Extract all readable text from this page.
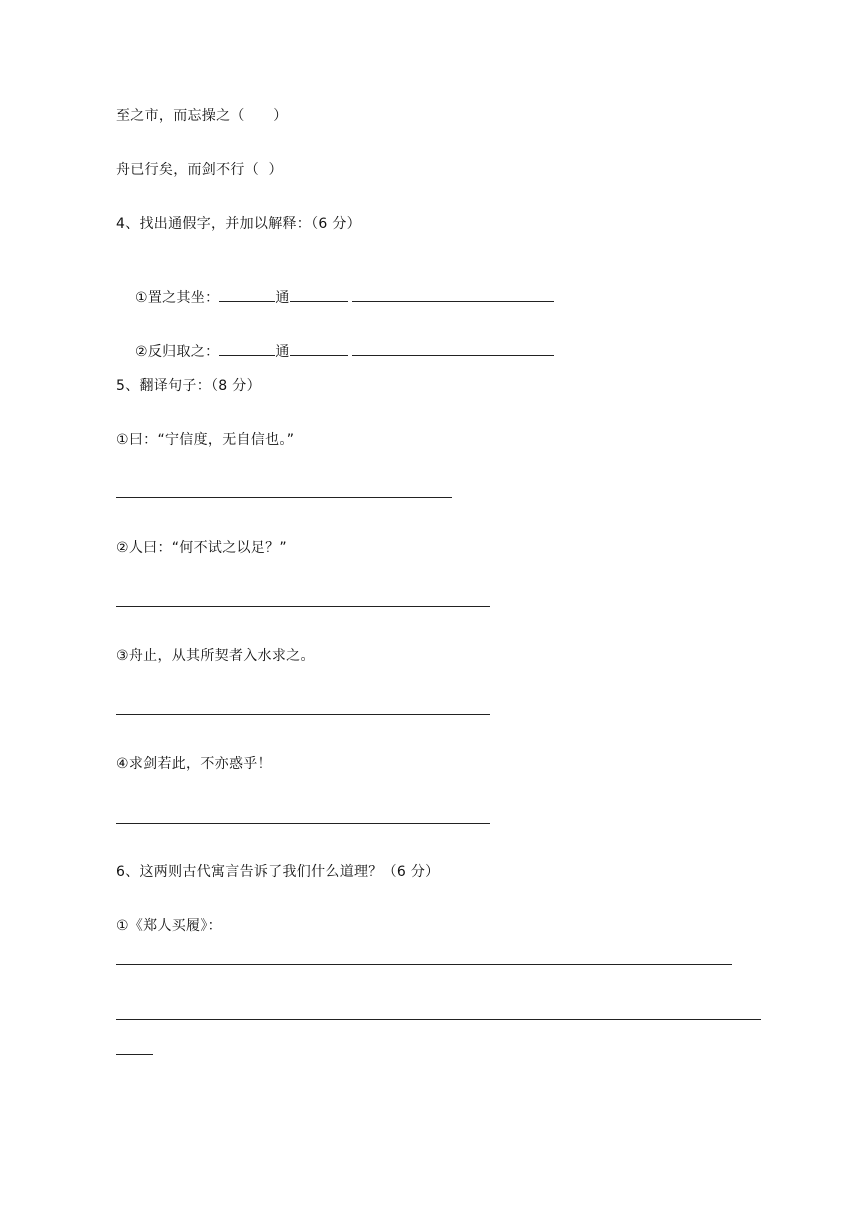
至之市，而忘操之（　　）
舟已行矣，而剑不行（  ）
4、找出通假字，并加以解释：（6 分）

①置之其坐：	通

②反归取之：	通

5、翻译句子：（8 分）
①曰：“宁信度，无自信也。”
②人曰：“何不试之以足？”
③舟止，从其所契者入水求之。
④求剑若此，不亦惑乎！
6、这两则古代寓言告诉了我们什么道理？（6 分）
①《郑人买履》：
